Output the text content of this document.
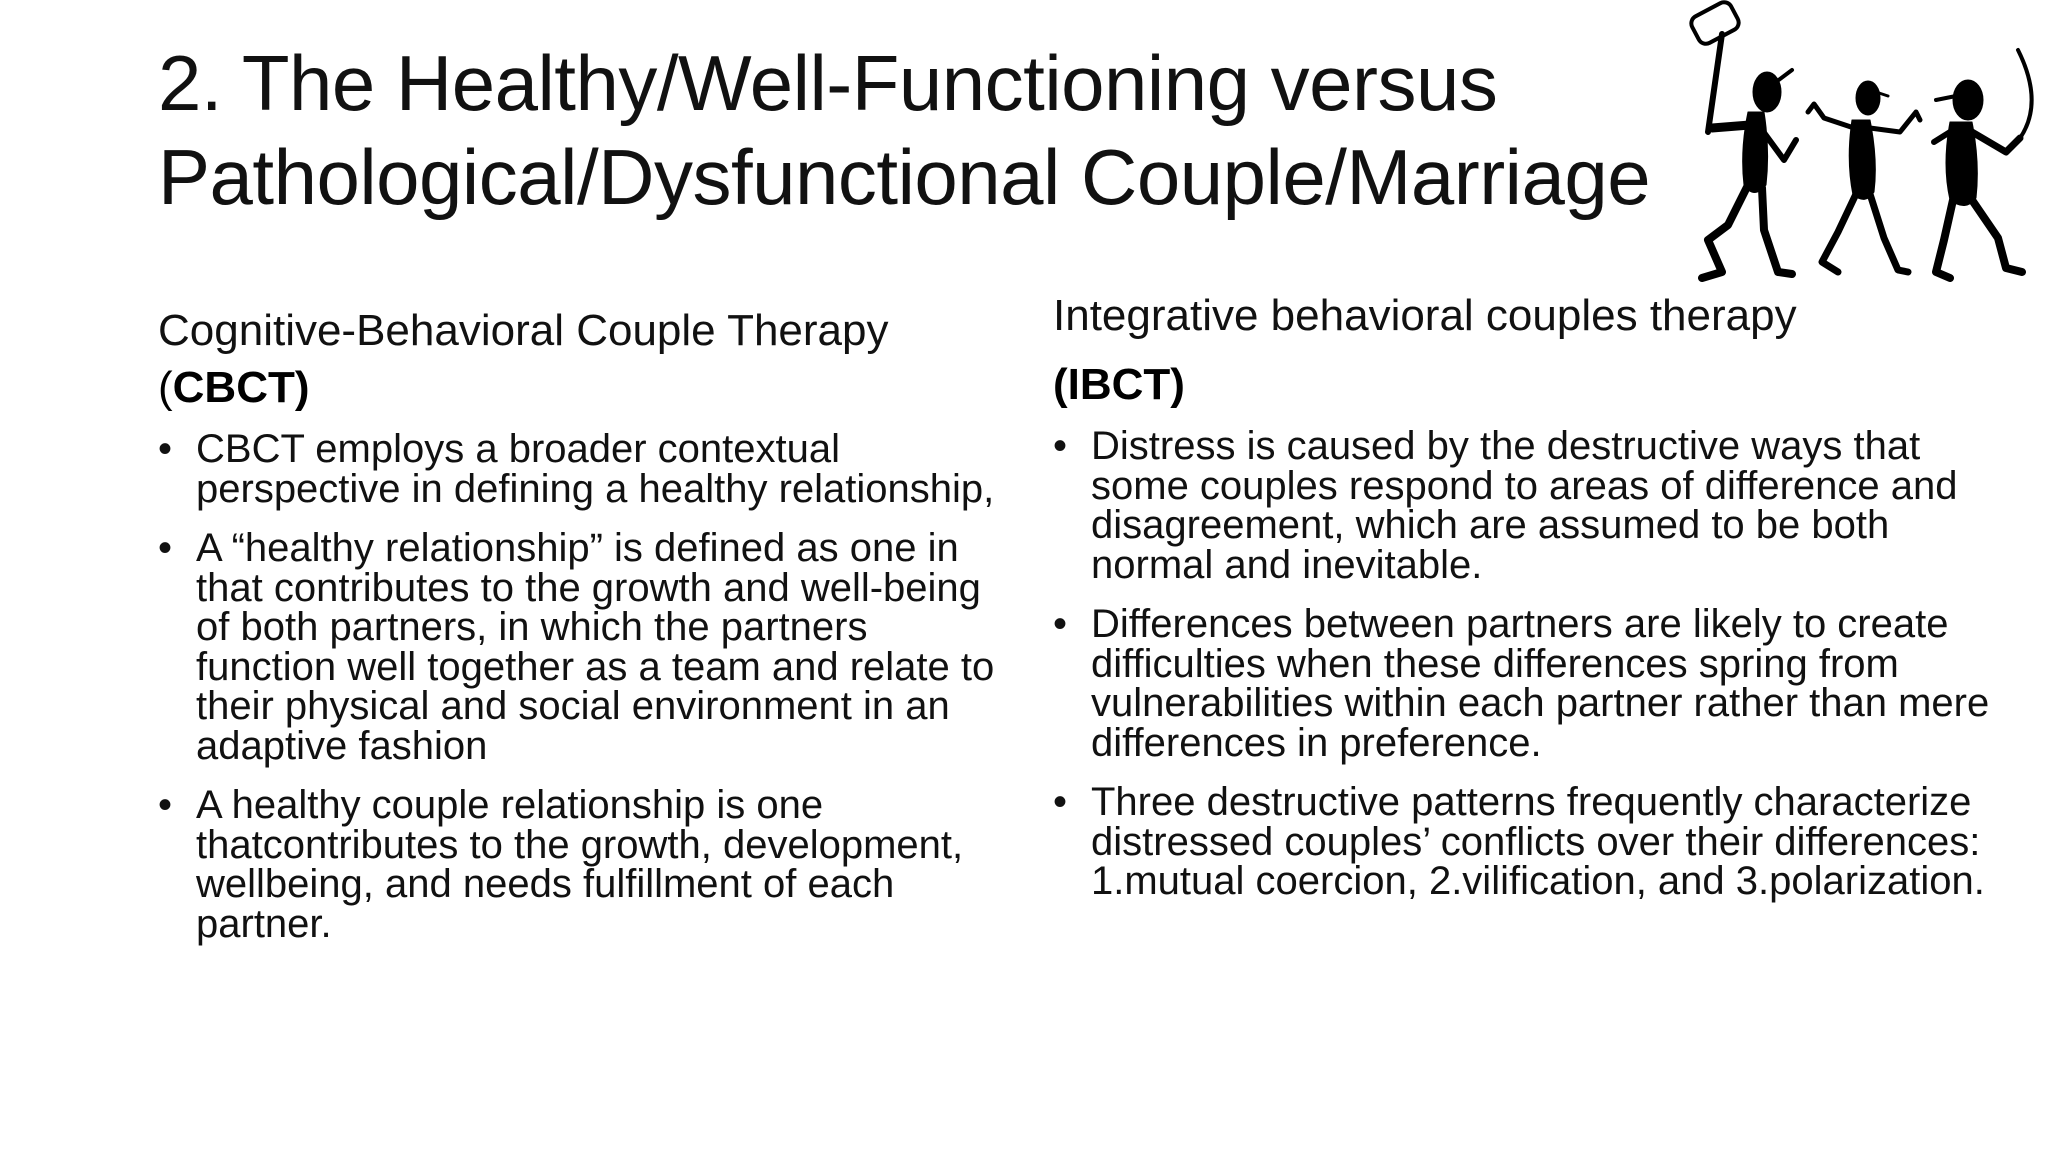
2. The Healthy/Well-Functioning versus
Pathological/Dysfunctional Couple/Marriage

Cognitive-Behavioral Couple Therapy

(CBCT)

• CBCT employs a broader contextual perspective in defining a healthy relationship,
• A “healthy relationship” is defined as one in that contributes to the growth and well-being of both partners, in which the partners function well together as a team and relate to their physical and social environment in an adaptive fashion
• A healthy couple relationship is one thatcontributes to the growth, development, wellbeing, and needs fulfillment of each partner.

Integrative behavioral couples therapy

(IBCT)

• Distress is caused by the destructive ways that some couples respond to areas of difference and disagreement, which are assumed to be both normal and inevitable.
• Differences between partners are likely to create difficulties when these differences spring from vulnerabilities within each partner rather than mere differences in preference.
• Three destructive patterns frequently characterize distressed couples’ conflicts over their differences: 1.mutual coercion, 2.vilification, and 3.polarization.
